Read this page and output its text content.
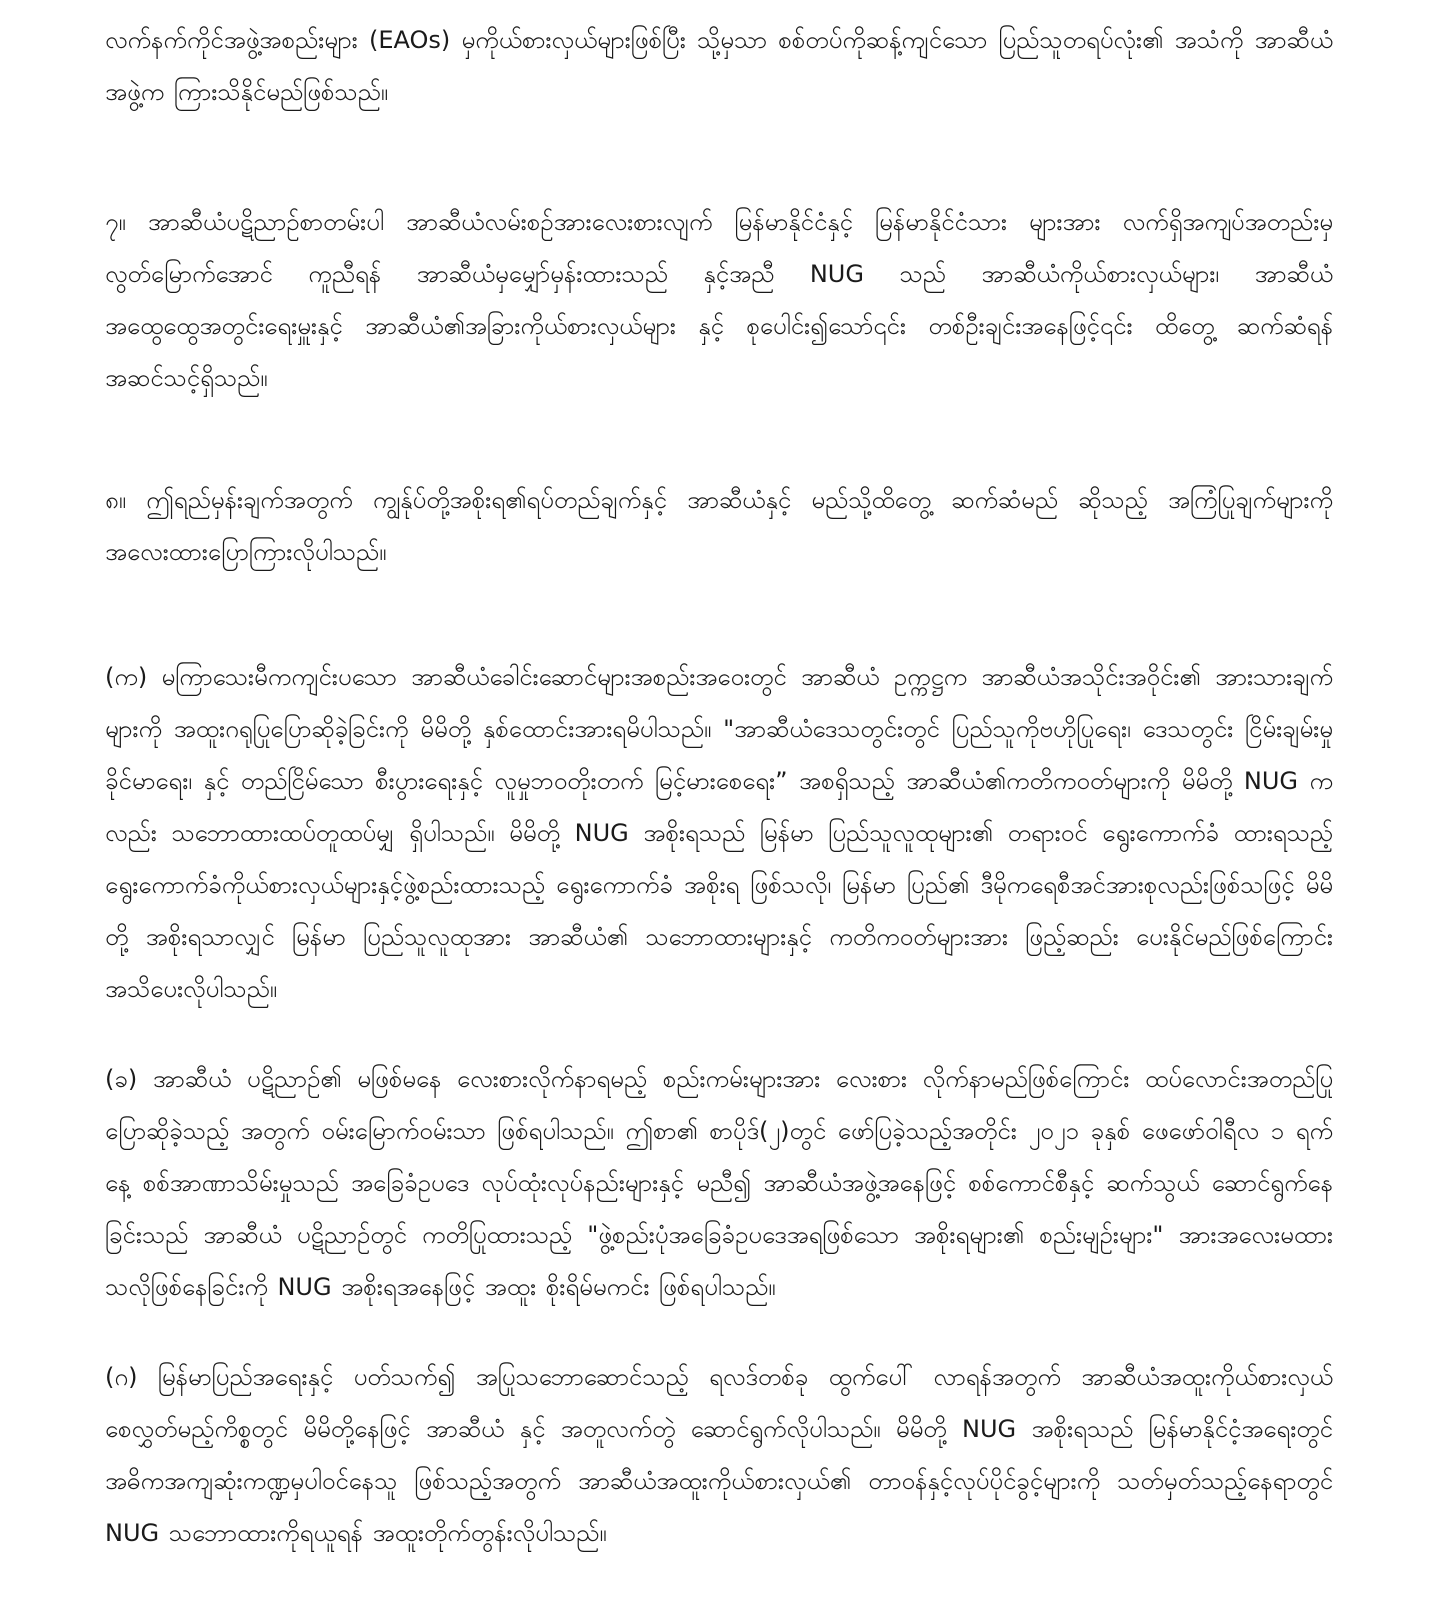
လက်နက်ကိုင်အဖွဲ့အစည်းများ (EAOs) မှကိုယ်စားလှယ်များဖြစ်ပြီး သို့မှသာ စစ်တပ်ကိုဆန့်ကျင်သော ပြည်သူတရပ်လုံး၏ အသံကို အာဆီယံအဖွဲ့က ကြားသိနိုင်မည်ဖြစ်သည်။

၇။ အာဆီယံပဋိညာဉ်စာတမ်းပါ အာဆီယံလမ်းစဉ်အားလေးစားလျက် မြန်မာနိုင်ငံနှင့် မြန်မာနိုင်ငံသား များအား လက်ရှိအကျပ်အတည်းမှလွတ်မြောက်အောင် ကူညီရန် အာဆီယံမှမျှော်မှန်းထားသည် နှင့်အညီ NUG သည် အာဆီယံကိုယ်စားလှယ်များ၊ အာဆီယံ အထွေထွေအတွင်းရေးမှူးနှင့် အာဆီယံ၏အခြားကိုယ်စားလှယ်များ နှင့် စုပေါင်း၍သော်၎င်း တစ်ဦးချင်းအနေဖြင့်၎င်း ထိတွေ့ ဆက်ဆံရန်အဆင်သင့်ရှိသည်။

၈။ ဤရည်မှန်းချက်အတွက် ကျွန်ုပ်တို့အစိုးရ၏ရပ်တည်ချက်နှင့် အာဆီယံနှင့် မည်သို့ထိတွေ့ ဆက်ဆံမည် ဆိုသည့် အကြံပြုချက်များကို အလေးထားပြောကြားလိုပါသည်။

(က) မကြာသေးမီကကျင်းပသော အာဆီယံခေါင်းဆောင်များအစည်းအဝေးတွင် အာဆီယံ ဥက္ကဋ္ဌက အာဆီယံအသိုင်းအဝိုင်း၏ အားသားချက်များကို အထူးဂရုပြုပြောဆိုခဲ့ခြင်းကို မိမိတို့ နှစ်ထောင်းအားရမိပါသည်။ "အာဆီယံဒေသတွင်းတွင် ပြည်သူကိုဗဟိုပြုရေး၊ ဒေသတွင်း ငြိမ်းချမ်းမှုခိုင်မာရေး၊ နှင့် တည်ငြိမ်သော စီးပွားရေးနှင့် လူမှုဘဝတိုးတက် မြင့်မားစေရေး” အစရှိသည့် အာဆီယံ၏ကတိကဝတ်များကို မိမိတို့ NUG ကလည်း သဘောထားထပ်တူထပ်မျှ ရှိပါသည်။ မိမိတို့ NUG အစိုးရသည် မြန်မာ ပြည်သူလူထုများ၏ တရားဝင် ရွေးကောက်ခံ ထားရသည့် ရွေးကောက်ခံကိုယ်စားလှယ်များနှင့်ဖွဲ့စည်းထားသည့် ရွေးကောက်ခံ အစိုးရ ဖြစ်သလို၊ မြန်မာ ပြည်၏ ဒီမိုကရေစီအင်အားစုလည်းဖြစ်သဖြင့် မိမိတို့ အစိုးရသာလျှင် မြန်မာ ပြည်သူလူထုအား အာဆီယံ၏ သဘောထားများနှင့် ကတိကဝတ်များအား ဖြည့်ဆည်း ပေးနိုင်မည်ဖြစ်ကြောင်း အသိပေးလိုပါသည်။

(ခ) အာဆီယံ ပဋိညာဉ်၏ မဖြစ်မနေ လေးစားလိုက်နာရမည့် စည်းကမ်းများအား လေးစား လိုက်နာမည်ဖြစ်ကြောင်း ထပ်လောင်းအတည်ပြုပြောဆိုခဲ့သည့် အတွက် ဝမ်းမြောက်ဝမ်းသာ ဖြစ်ရပါသည်။ ဤစာ၏ စာပိုဒ်(၂)တွင် ဖော်ပြခဲ့သည့်အတိုင်း ၂၀၂၁ ခုနှစ် ဖေဖော်ဝါရီလ ၁ ရက်နေ့ စစ်အာဏာသိမ်းမှုသည် အခြေခံဥပဒေ လုပ်ထုံးလုပ်နည်းများနှင့် မညီ၍ အာဆီယံအဖွဲ့အနေဖြင့် စစ်ကောင်စီနှင့် ဆက်သွယ် ဆောင်ရွက်နေခြင်းသည် အာဆီယံ ပဋိညာဉ်တွင် ကတိပြုထားသည့် "ဖွဲ့စည်းပုံအခြေခံဥပဒေအရဖြစ်သော အစိုးရများ၏ စည်းမျဉ်းများ" အားအလေးမထားသလိုဖြစ်နေခြင်းကို NUG အစိုးရအနေဖြင့် အထူး စိုးရိမ်မကင်း ဖြစ်ရပါသည်။

(ဂ) မြန်မာပြည်အရေးနှင့် ပတ်သက်၍ အပြုသဘောဆောင်သည့် ရလဒ်တစ်ခု ထွက်ပေါ် လာရန်အတွက် အာဆီယံအထူးကိုယ်စားလှယ် စေလွှတ်မည့်ကိစ္စတွင် မိမိတို့နေဖြင့် အာဆီယံ နှင့် အတူလက်တွဲ ဆောင်ရွက်လိုပါသည်။ မိမိတို့ NUG အစိုးရသည် မြန်မာနိုင်ငံ့အရေးတွင် အဓိကအကျဆုံးကဏ္ဍမှပါဝင်နေသူ ဖြစ်သည့်အတွက် အာဆီယံအထူးကိုယ်စားလှယ်၏ တာဝန်နှင့်လုပ်ပိုင်ခွင့်များကို သတ်မှတ်သည့်နေရာတွင် NUG သဘောထားကိုရယူရန် အထူးတိုက်တွန်းလိုပါသည်။
